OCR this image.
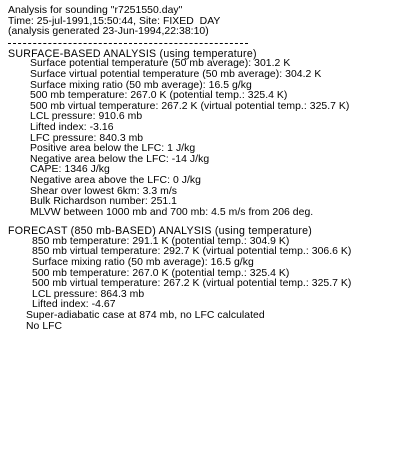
Analysis for sounding "r7251550.day"
Time: 25-jul-1991,15:50:44, Site: FIXED  DAY
(analysis generated 23-Jun-1994,22:38:10)
SURFACE-BASED ANALYSIS (using temperature)
Surface potential temperature (50 mb average): 301.2 K
Surface virtual potential temperature (50 mb average): 304.2 K
Surface mixing ratio (50 mb average): 16.5 g/kg
500 mb temperature: 267.0 K (potential temp.: 325.4 K)
500 mb virtual temperature: 267.2 K (virtual potential temp.: 325.7 K)
LCL pressure: 910.6 mb
Lifted index: -3.16
LFC pressure: 840.3 mb
Positive area below the LFC: 1 J/kg
Negative area below the LFC: -14 J/kg
CAPE: 1346 J/kg
Negative area above the LFC: 0 J/kg
Shear over lowest 6km: 3.3 m/s
Bulk Richardson number: 251.1
MLVW between 1000 mb and 700 mb: 4.5 m/s from 206 deg.
FORECAST (850 mb-BASED) ANALYSIS (using temperature)
850 mb temperature: 291.1 K (potential temp.: 304.9 K)
850 mb virtual temperature: 292.7 K (virtual potential temp.: 306.6 K)
Surface mixing ratio (50 mb average): 16.5 g/kg
500 mb temperature: 267.0 K (potential temp.: 325.4 K)
500 mb virtual temperature: 267.2 K (virtual potential temp.: 325.7 K)
LCL pressure: 864.3 mb
Lifted index: -4.67
Super-adiabatic case at 874 mb, no LFC calculated
No LFC
